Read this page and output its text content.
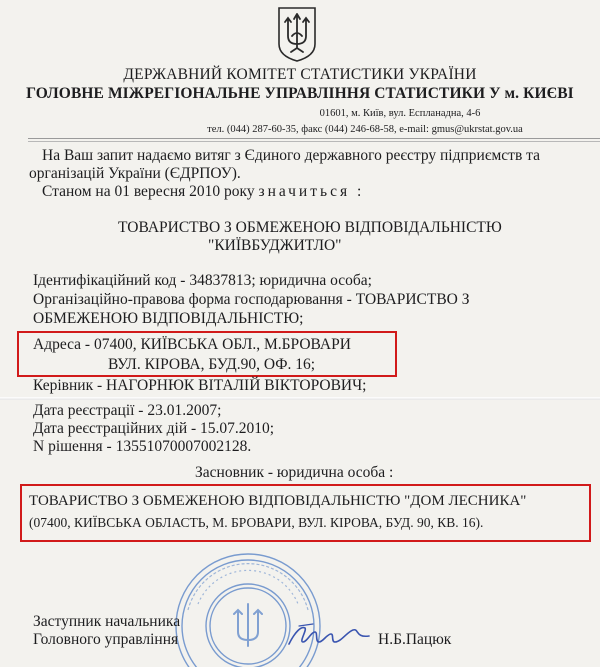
ДЕРЖАВНИЙ КОМІТЕТ СТАТИСТИКИ УКРАЇНИ
ГОЛОВНЕ МІЖРЕГІОНАЛЬНЕ УПРАВЛІННЯ СТАТИСТИКИ У м. КИЄВІ
01601, м. Київ, вул. Еспланадна, 4-6
тел. (044) 287-60-35, факс (044) 246-68-58, e-mail: gmus@ukrstat.gov.ua
На Ваш запит надаємо витяг з Єдиного державного реєстру підприємств та
організацій України (ЄДРПОУ).
Станом на 01 вересня 2010 року значиться :
ТОВАРИСТВО З ОБМЕЖЕНОЮ ВІДПОВІДАЛЬНІСТЮ
"КИЇВБУДЖИТЛО"
Ідентифікаційний код - 34837813; юридична особа;
Організаційно-правова форма господарювання - ТОВАРИСТВО З
ОБМЕЖЕНОЮ ВІДПОВІДАЛЬНІСТЮ;
Адреса - 07400, КИЇВСЬКА ОБЛ., М.БРОВАРИ
ВУЛ. КІРОВА, БУД.90, ОФ. 16;
Керівник - НАГОРНЮК ВІТАЛІЙ ВІКТОРОВИЧ;
Дата реєстрації - 23.01.2007;
Дата реєстраційних дій - 15.07.2010;
N рішення - 13551070007002128.
Засновник - юридична особа :
ТОВАРИСТВО З ОБМЕЖЕНОЮ ВІДПОВІДАЛЬНІСТЮ "ДОМ ЛЕСНИКА"
(07400, КИЇВСЬКА ОБЛАСТЬ, М. БРОВАРИ, ВУЛ. КІРОВА, БУД. 90, КВ. 16).
Заступник начальника
Головного управління	Н.Б.Пацюк
